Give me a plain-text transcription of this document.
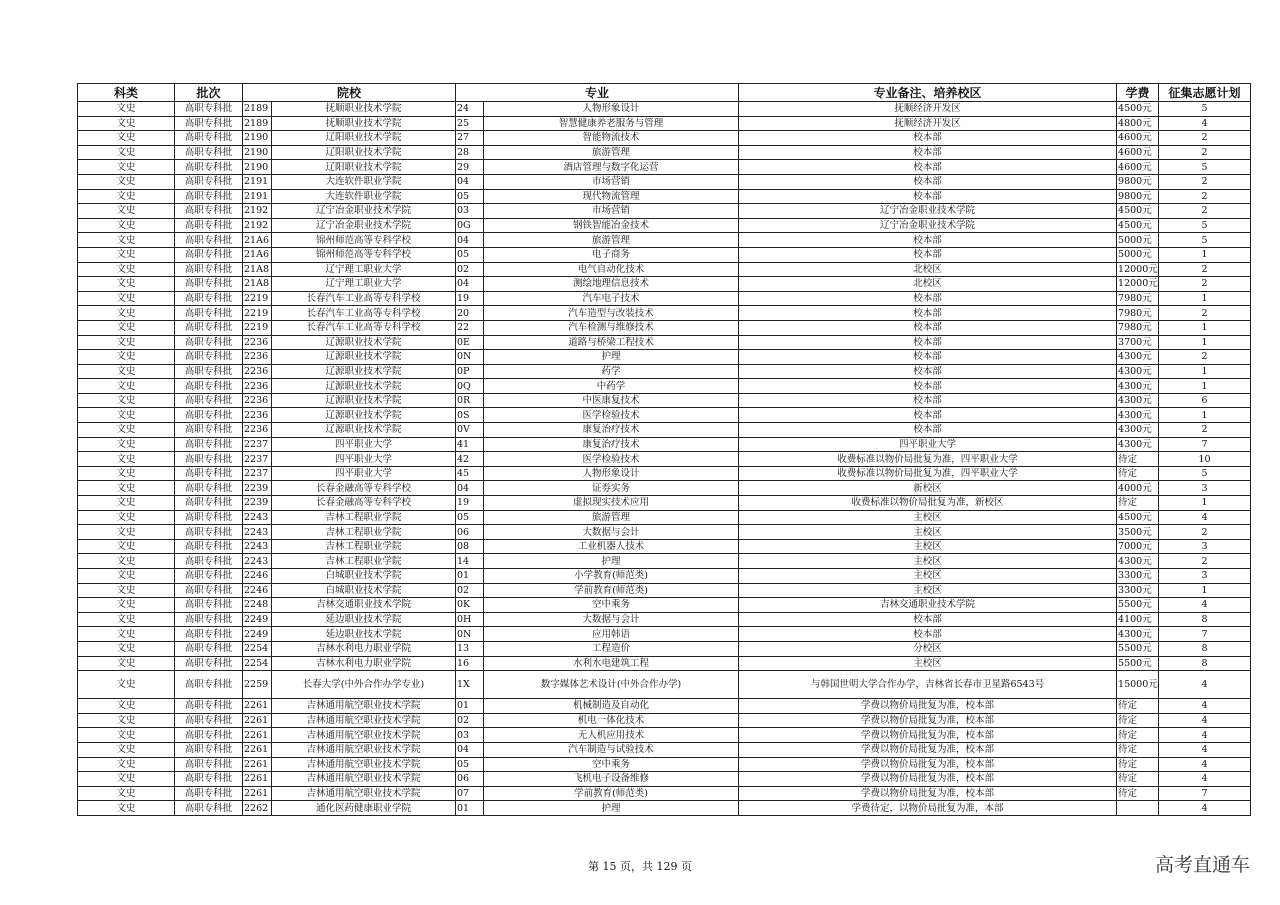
科类	批次	院校		专业		专业备注、培养校区	学费	征集志愿计划
文史	高职专科批	2189	抚顺职业技术学院	24	人物形象设计	抚顺经济开发区	4500元	5
文史	高职专科批	2189	抚顺职业技术学院	25	智慧健康养老服务与管理	抚顺经济开发区	4800元	4
文史	高职专科批	2190	辽阳职业技术学院	27	智能物流技术	校本部	4600元	2
文史	高职专科批	2190	辽阳职业技术学院	28	旅游管理	校本部	4600元	2
文史	高职专科批	2190	辽阳职业技术学院	29	酒店管理与数字化运营	校本部	4600元	5
文史	高职专科批	2191	大连软件职业学院	04	市场营销	校本部	9800元	2
文史	高职专科批	2191	大连软件职业学院	05	现代物流管理	校本部	9800元	2
文史	高职专科批	2192	辽宁冶金职业技术学院	03	市场营销	辽宁冶金职业技术学院	4500元	2
文史	高职专科批	2192	辽宁冶金职业技术学院	0G	钢铁智能冶金技术	辽宁冶金职业技术学院	4500元	5
文史	高职专科批	21A6	锦州师范高等专科学校	04	旅游管理	校本部	5000元	5
文史	高职专科批	21A6	锦州师范高等专科学校	05	电子商务	校本部	5000元	1
文史	高职专科批	21A8	辽宁理工职业大学	02	电气自动化技术	北校区	12000元	2
文史	高职专科批	21A8	辽宁理工职业大学	04	测绘地理信息技术	北校区	12000元	2
文史	高职专科批	2219	长春汽车工业高等专科学校	19	汽车电子技术	校本部	7980元	1
文史	高职专科批	2219	长春汽车工业高等专科学校	20	汽车造型与改装技术	校本部	7980元	2
文史	高职专科批	2219	长春汽车工业高等专科学校	22	汽车检测与维修技术	校本部	7980元	1
文史	高职专科批	2236	辽源职业技术学院	0E	道路与桥梁工程技术	校本部	3700元	1
文史	高职专科批	2236	辽源职业技术学院	0N	护理	校本部	4300元	2
文史	高职专科批	2236	辽源职业技术学院	0P	药学	校本部	4300元	1
文史	高职专科批	2236	辽源职业技术学院	0Q	中药学	校本部	4300元	1
文史	高职专科批	2236	辽源职业技术学院	0R	中医康复技术	校本部	4300元	6
文史	高职专科批	2236	辽源职业技术学院	0S	医学检验技术	校本部	4300元	1
文史	高职专科批	2236	辽源职业技术学院	0V	康复治疗技术	校本部	4300元	2
文史	高职专科批	2237	四平职业大学	41	康复治疗技术	四平职业大学	4300元	7
文史	高职专科批	2237	四平职业大学	42	医学检验技术	收费标准以物价局批复为准，四平职业大学	待定	10
文史	高职专科批	2237	四平职业大学	45	人物形象设计	收费标准以物价局批复为准，四平职业大学	待定	5
文史	高职专科批	2239	长春金融高等专科学校	04	证券实务	新校区	4000元	3
文史	高职专科批	2239	长春金融高等专科学校	19	虚拟现实技术应用	收费标准以物价局批复为准，新校区	待定	1
文史	高职专科批	2243	吉林工程职业学院	05	旅游管理	主校区	4500元	4
文史	高职专科批	2243	吉林工程职业学院	06	大数据与会计	主校区	3500元	2
文史	高职专科批	2243	吉林工程职业学院	08	工业机器人技术	主校区	7000元	3
文史	高职专科批	2243	吉林工程职业学院	14	护理	主校区	4300元	2
文史	高职专科批	2246	白城职业技术学院	01	小学教育(师范类)	主校区	3300元	3
文史	高职专科批	2246	白城职业技术学院	02	学前教育(师范类)	主校区	3300元	1
文史	高职专科批	2248	吉林交通职业技术学院	0K	空中乘务	吉林交通职业技术学院	5500元	4
文史	高职专科批	2249	延边职业技术学院	0H	大数据与会计	校本部	4100元	8
文史	高职专科批	2249	延边职业技术学院	0N	应用韩语	校本部	4300元	7
文史	高职专科批	2254	吉林水利电力职业学院	13	工程造价	分校区	5500元	8
文史	高职专科批	2254	吉林水利电力职业学院	16	水利水电建筑工程	主校区	5500元	8
文史	高职专科批	2259	长春大学(中外合作办学专业)	1X	数字媒体艺术设计(中外合作办学)	与韩国世明大学合作办学，吉林省长春市卫星路6543号	15000元	4
文史	高职专科批	2261	吉林通用航空职业技术学院	01	机械制造及自动化	学费以物价局批复为准，校本部	待定	4
文史	高职专科批	2261	吉林通用航空职业技术学院	02	机电一体化技术	学费以物价局批复为准，校本部	待定	4
文史	高职专科批	2261	吉林通用航空职业技术学院	03	无人机应用技术	学费以物价局批复为准，校本部	待定	4
文史	高职专科批	2261	吉林通用航空职业技术学院	04	汽车制造与试验技术	学费以物价局批复为准，校本部	待定	4
文史	高职专科批	2261	吉林通用航空职业技术学院	05	空中乘务	学费以物价局批复为准，校本部	待定	4
文史	高职专科批	2261	吉林通用航空职业技术学院	06	飞机电子设备维修	学费以物价局批复为准，校本部	待定	4
文史	高职专科批	2261	吉林通用航空职业技术学院	07	学前教育(师范类)	学费以物价局批复为准，校本部	待定	7
文史	高职专科批	2262	通化医药健康职业学院	01	护理	学费待定，以物价局批复为准，本部		4
第 15 页，共 129 页	高考直通车
